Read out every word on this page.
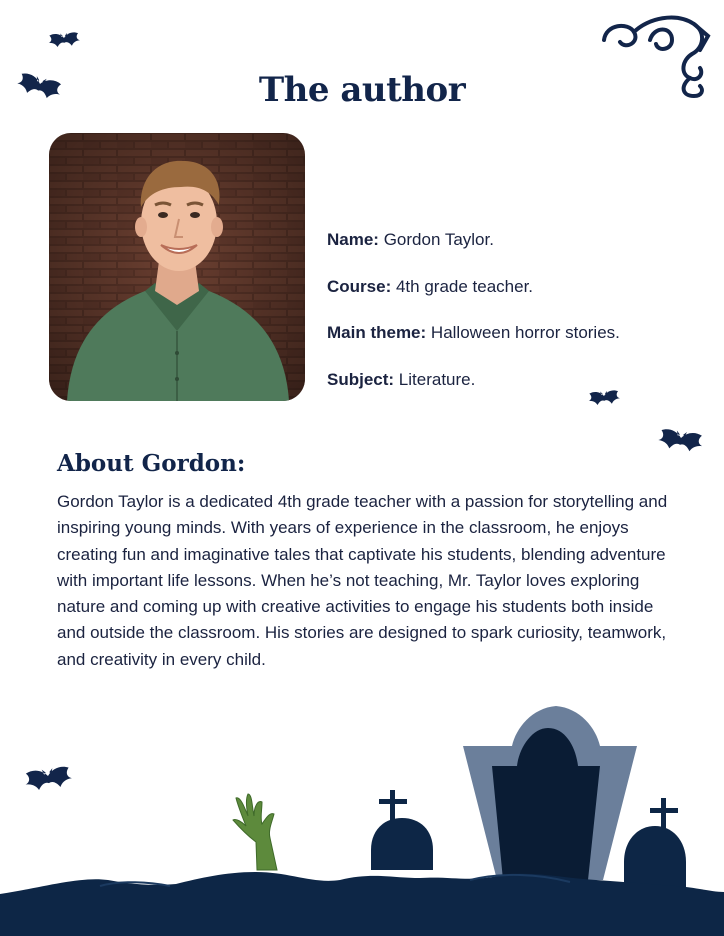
The author
Name: Gordon Taylor.
Course: 4th grade teacher.
Main theme: Halloween horror stories.
Subject: Literature.
About Gordon:
Gordon Taylor is a dedicated 4th grade teacher with a passion for storytelling and inspiring young minds. With years of experience in the classroom, he enjoys creating fun and imaginative tales that captivate his students, blending adventure with important life lessons. When he’s not teaching, Mr. Taylor loves exploring nature and coming up with creative activities to engage his students both inside and outside the classroom. His stories are designed to spark curiosity, teamwork, and creativity in every child.
